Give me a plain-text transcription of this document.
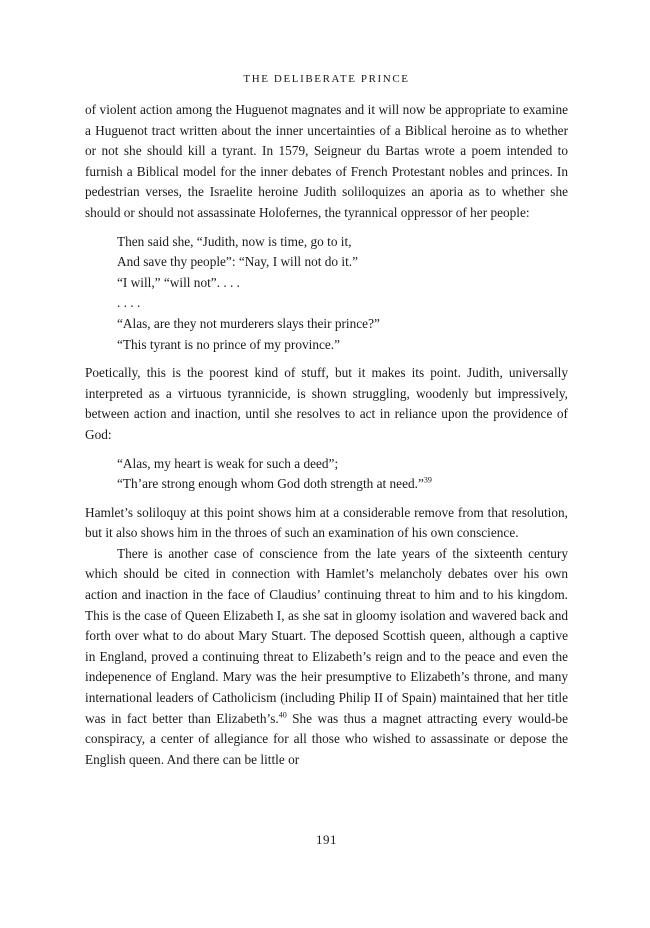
THE DELIBERATE PRINCE

of violent action among the Huguenot magnates and it will now be appropriate to examine a Huguenot tract written about the inner uncertainties of a Biblical heroine as to whether or not she should kill a tyrant. In 1579, Seigneur du Bartas wrote a poem intended to furnish a Biblical model for the inner debates of French Protestant nobles and princes. In pedestrian verses, the Israelite heroine Judith soliloquizes an aporia as to whether she should or should not assassinate Holofernes, the tyrannical oppressor of her people:

Then said she, “Judith, now is time, go to it,
And save thy people”: “Nay, I will not do it.”
“I will,” “will not”. . . .
. . . .
“Alas, are they not murderers slays their prince?”
“This tyrant is no prince of my province.”

Poetically, this is the poorest kind of stuff, but it makes its point. Judith, universally interpreted as a virtuous tyrannicide, is shown struggling, woodenly but impressively, between action and inaction, until she resolves to act in reliance upon the providence of God:

“Alas, my heart is weak for such a deed”;
“Th’are strong enough whom God doth strength at need.”$^{39}$

Hamlet’s soliloquy at this point shows him at a considerable remove from that resolution, but it also shows him in the throes of such an examination of his own conscience.

There is another case of conscience from the late years of the sixteenth century which should be cited in connection with Hamlet’s melancholy debates over his own action and inaction in the face of Claudius’ continuing threat to him and to his kingdom. This is the case of Queen Elizabeth I, as she sat in gloomy isolation and wavered back and forth over what to do about Mary Stuart. The deposed Scottish queen, although a captive in England, proved a continuing threat to Elizabeth’s reign and to the peace and even the indepenence of England. Mary was the heir presumptive to Elizabeth’s throne, and many international leaders of Catholicism (including Philip II of Spain) maintained that her title was in fact better than Elizabeth’s.$^{40}$ She was thus a magnet attracting every would-be conspiracy, a center of allegiance for all those who wished to assassinate or depose the English queen. And there can be little or

191
